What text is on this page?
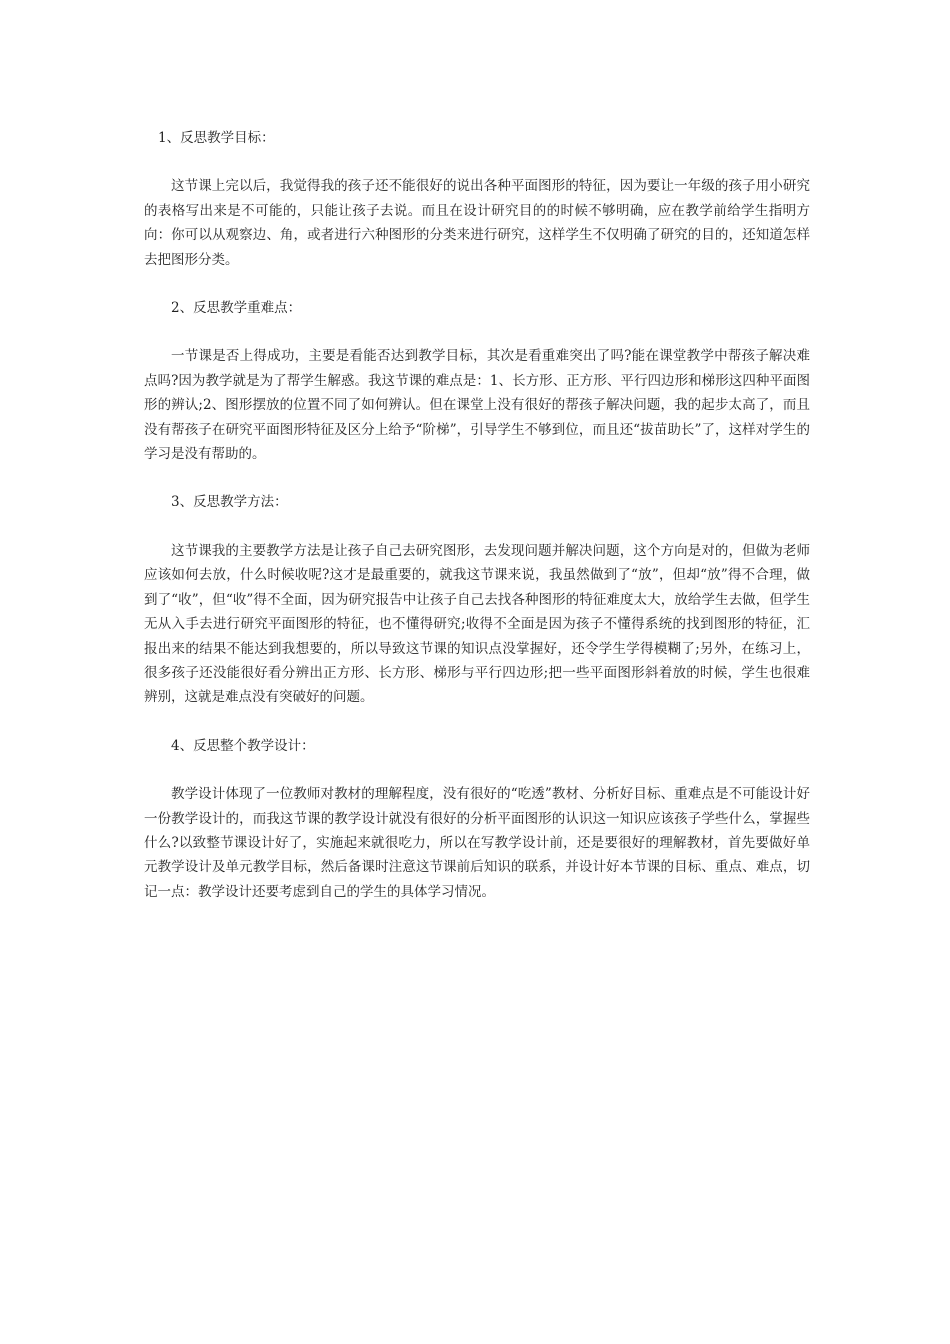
1、反思教学目标：

这节课上完以后，我觉得我的孩子还不能很好的说出各种平面图形的特征，因为要让一年级的孩子用小研究的表格写出来是不可能的，只能让孩子去说。而且在设计研究目的的时候不够明确，应在教学前给学生指明方向：你可以从观察边、角，或者进行六种图形的分类来进行研究，这样学生不仅明确了研究的目的，还知道怎样去把图形分类。

2、反思教学重难点：

一节课是否上得成功，主要是看能否达到教学目标，其次是看重难突出了吗?能在课堂教学中帮孩子解决难点吗?因为教学就是为了帮学生解惑。我这节课的难点是：1、长方形、正方形、平行四边形和梯形这四种平面图形的辨认;2、图形摆放的位置不同了如何辨认。但在课堂上没有很好的帮孩子解决问题，我的起步太高了，而且没有帮孩子在研究平面图形特征及区分上给予“阶梯”，引导学生不够到位，而且还“拔苗助长”了，这样对学生的学习是没有帮助的。

3、反思教学方法：

这节课我的主要教学方法是让孩子自己去研究图形，去发现问题并解决问题，这个方向是对的，但做为老师应该如何去放，什么时候收呢?这才是最重要的，就我这节课来说，我虽然做到了“放”，但却“放”得不合理，做到了“收”，但“收”得不全面，因为研究报告中让孩子自己去找各种图形的特征难度太大，放给学生去做，但学生无从入手去进行研究平面图形的特征，也不懂得研究;收得不全面是因为孩子不懂得系统的找到图形的特征，汇报出来的结果不能达到我想要的，所以导致这节课的知识点没掌握好，还令学生学得模糊了;另外，在练习上，很多孩子还没能很好看分辨出正方形、长方形、梯形与平行四边形;把一些平面图形斜着放的时候，学生也很难辨别，这就是难点没有突破好的问题。

4、反思整个教学设计：

教学设计体现了一位教师对教材的理解程度，没有很好的“吃透”教材、分析好目标、重难点是不可能设计好一份教学设计的，而我这节课的教学设计就没有很好的分析平面图形的认识这一知识应该孩子学些什么，掌握些什么?以致整节课设计好了，实施起来就很吃力，所以在写教学设计前，还是要很好的理解教材，首先要做好单元教学设计及单元教学目标，然后备课时注意这节课前后知识的联系，并设计好本节课的目标、重点、难点，切记一点：教学设计还要考虑到自己的学生的具体学习情况。
